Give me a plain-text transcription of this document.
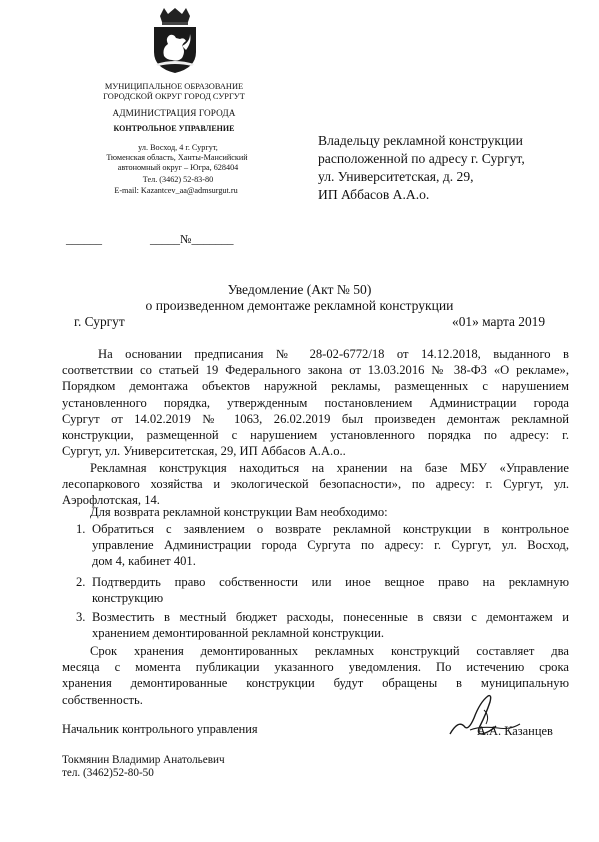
МУНИЦИПАЛЬНОЕ ОБРАЗОВАНИЕ
ГОРОДСКОЙ ОКРУГ ГОРОД СУРГУТ
АДМИНИСТРАЦИЯ ГОРОДА
КОНТРОЛЬНОЕ УПРАВЛЕНИЕ
ул. Восход, 4 г. Сургут,
Тюменская область, Ханты-Мансийский
автономный округ – Югра, 628404
Тел. (3462) 52-83-80
E-mail: Kazantcev_aa@admsurgut.ru
______	_____№_______
Владельцу рекламной конструкции
расположенной по адресу г. Сургут,
ул. Университетская, д. 29,
ИП Аббасов А.А.о.
Уведомление (Акт № 50)
о произведенном демонтаже рекламной конструкции
г. Сургут	«01» марта 2019
На основании предписания № 28-02-6772/18 от 14.12.2018, выданного в
соответствии со статьей 19 Федерального закона от 13.03.2016 № 38-ФЗ «О рекламе»,
Порядком демонтажа объектов наружной рекламы, размещенных с нарушением
установленного порядка, утвержденным постановлением Администрации города
Сургут от 14.02.2019 № 1063, 26.02.2019 был произведен демонтаж рекламной
конструкции, размещенной с нарушением установленного порядка по адресу: г.
Сургут, ул. Университетская, 29, ИП Аббасов А.А.о..
Рекламная конструкция находиться на хранении на базе МБУ «Управление
лесопаркового хозяйства и экологической безопасности», по адресу: г. Сургут, ул.
Аэрофлотская, 14.
Для возврата рекламной конструкции Вам необходимо:
1. Обратиться с заявлением о возврате рекламной конструкции в контрольное
управление Администрации города Сургута по адресу: г. Сургут, ул. Восход,
дом 4, кабинет 401.
2. Подтвердить право собственности или иное вещное право на рекламную
конструкцию
3. Возместить в местный бюджет расходы, понесенные в связи с демонтажем и
хранением демонтированной рекламной конструкции.
Срок хранения демонтированных рекламных конструкций составляет два
месяца с момента публикации указанного уведомления. По истечению срока
хранения демонтированные конструкции будут обращены в муниципальную
собственность.
Начальник контрольного управления	А.А. Казанцев
Токмянин Владимир Анатольевич
тел. (3462)52-80-50
